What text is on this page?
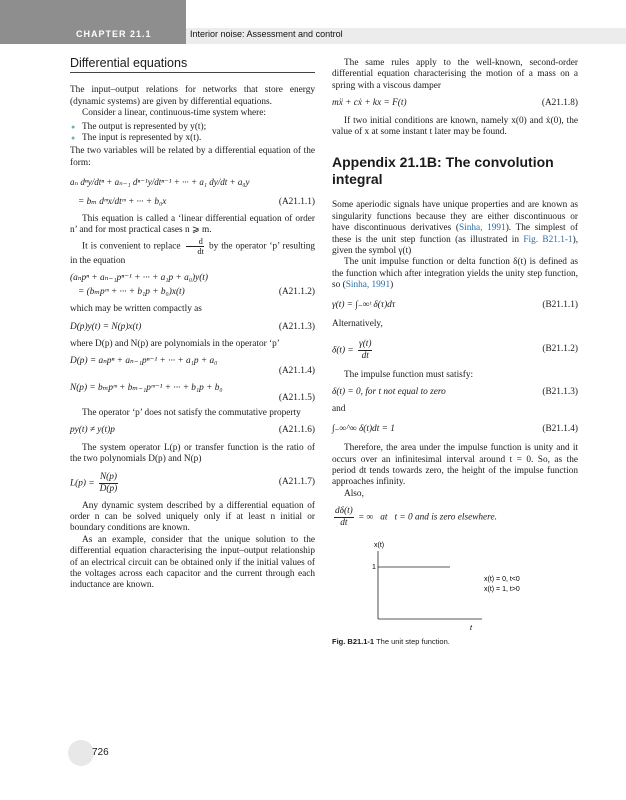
CHAPTER 21.1	Interior noise: Assessment and control
Differential equations

The input–output relations for networks that store energy (dynamic systems) are given by differential equations.

Consider a linear, continuous-time system where:

● The output is represented by y(t);
● The input is represented by x(t).

The two variables will be related by a differential equation of the form:

aₙ dⁿy/dtⁿ + aₙ₋₁ dⁿ⁻¹y/dtⁿ⁻¹ + ··· + a₁ dy/dt + a₀y
= bₘ dᵐx/dtᵐ + ··· + b₀x	(A21.1.1)

This equation is called a ‘linear differential equation of order n’ and for most practical cases n ⩾ m.

It is convenient to replace $\frac{d}{dt}$ by the operator ‘p’ resulting in the equation

(aₙpⁿ + aₙ₋₁pⁿ⁻¹ + ··· + a₁p + a₀)y(t)
= (bₘpᵐ + ··· + b₁p + b₀)x(t)	(A21.1.2)

which may be written compactly as

D(p)y(t) = N(p)x(t)	(A21.1.3)

where D(p) and N(p) are polynomials in the operator ‘p’

D(p) = aₙpⁿ + aₙ₋₁pⁿ⁻¹ + ··· + a₁p + a₀
(A21.1.4)
N(p) = bₘpᵐ + bₘ₋₁pᵐ⁻¹ + ··· + b₁p + b₀
(A21.1.5)

The operator ‘p’ does not satisfy the commutative property

py(t) ≠ y(t)p	(A21.1.6)

The system operator L(p) or transfer function is the ratio of the two polynomials D(p) and N(p)

$L(p) = \frac{N(p)}{D(p)}$	(A21.1.7)

Any dynamic system described by a differential equation of order n can be solved uniquely only if at least n initial or boundary conditions are known.

As an example, consider that the unique solution to the differential equation characterising the input–output relationship of an electrical circuit can be obtained only if the initial values of the voltages across each capacitor and the current through each inductance are known.

The same rules apply to the well-known, second-order differential equation characterising the motion of a mass on a spring with a viscous damper

mẍ + cẋ + kx = F(t)	(A21.1.8)

If two initial conditions are known, namely x(0) and ẋ(0), the value of x at some instant t later may be found.

Appendix 21.1B: The convolution integral

Some aperiodic signals have unique properties and are known as singularity functions because they are either discontinuous or have discontinuous derivatives (Sinha, 1991). The simplest of these is the unit step function (as illustrated in Fig. B21.1-1), given the symbol γ(t)

The unit impulse function or delta function δ(t) is defined as the function which after integration yields the unity step function, so (Sinha, 1991)

γ(t) = ∫₋∞ᵗ δ(τ)dτ	(B21.1.1)

Alternatively,

$\delta(t) = \frac{\gamma(t)}{dt}$	(B21.1.2)

The impulse function must satisfy:

δ(t) = 0, for t not equal to zero	(B21.1.3)

and

∫₋∞^∞ δ(t)dt = 1	(B21.1.4)

Therefore, the area under the impulse function is unity and it occurs over an infinitesimal interval around t = 0. So, as the period dt tends towards zero, the height of the impulse function approaches infinity.

Also,

$\frac{d\delta(t)}{dt}$ = ∞   at   t = 0 and is zero elsewhere.
x(t)
1
t
x(t) = 0, t<0
x(t) = 1, t>0
Fig. B21.1-1 The unit step function.
726
